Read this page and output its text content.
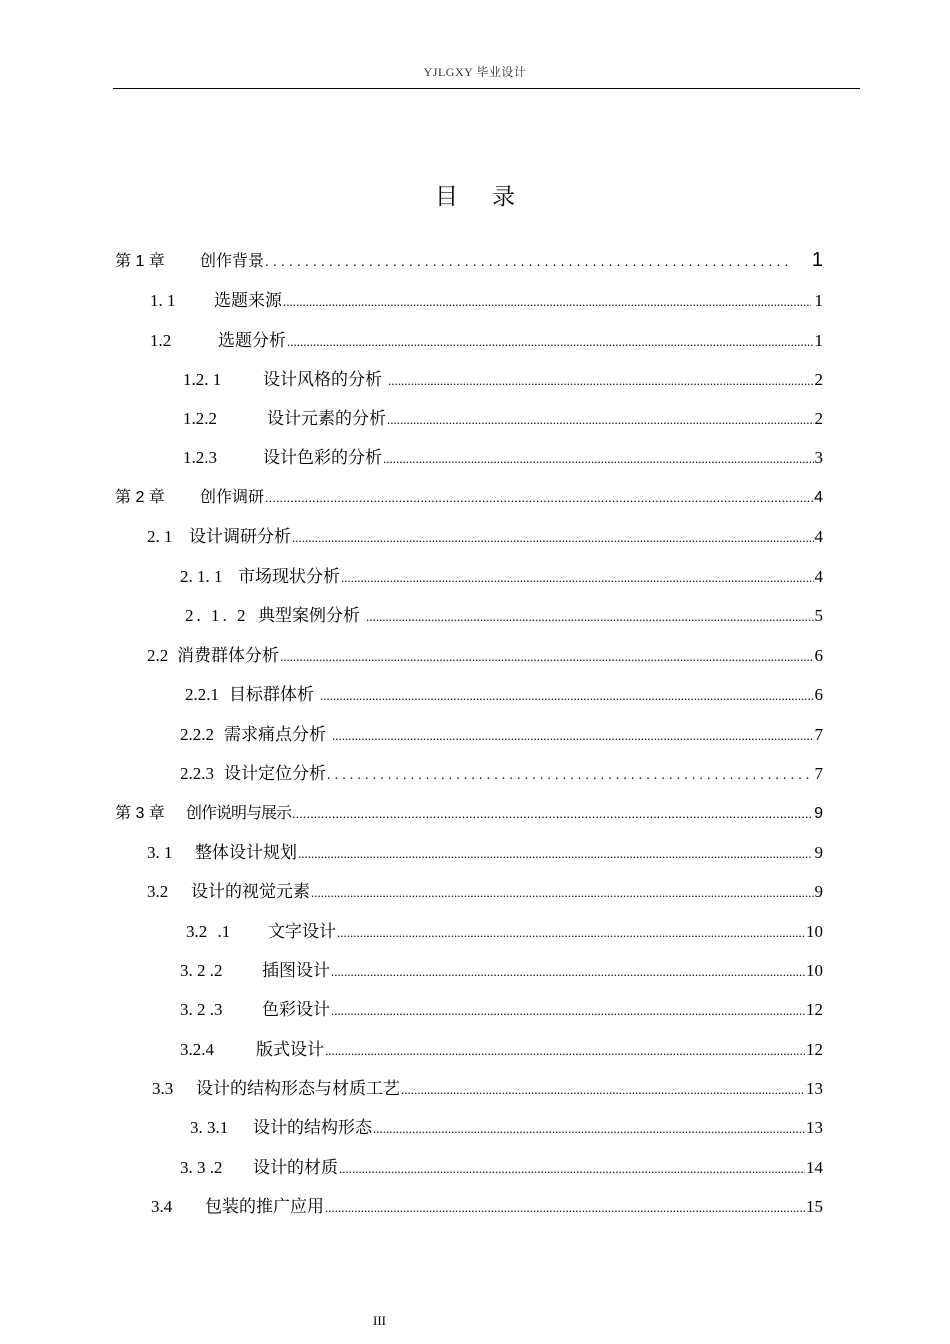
YJLGXY 毕业设计
目录
第 1 章	创作背景 .....	1
1. 1	选题来源 .....	1
1.2	选题分析 .....	1
1.2. 1	设计风格的分析 .....	2
1.2.2	设计元素的分析 .....	2
1.2.3	设计色彩的分析 .....	3
第 2 章	创作调研 .....	4
2. 1 设计调研分析 .....	4
2. 1. 1 市场现状分析 .....	4
2. 1. 2 典型案例分析 .....	5
2.2 消费群体分析 .....	6
2.2.1 目标群体析 .....	6
2.2.2 需求痛点分析 .....	7
2.2.3 设计定位分析 .....	7
第 3 章	创作说明与展示 .....	9
3. 1	整体设计规划 .....	9
3.2	设计的视觉元素 .....	9
3.2 .1	文字设计 .....	10
3. 2 .2	插图设计 .....	10
3. 2 .3	色彩设计 .....	12
3.2.4	版式设计 .....	12
3.3	设计的结构形态与材质工艺 .....	13
3. 3.1	设计的结构形态 .....	13
3. 3 .2	设计的材质 .....	14
3.4	包装的推广应用 .....	15
III
